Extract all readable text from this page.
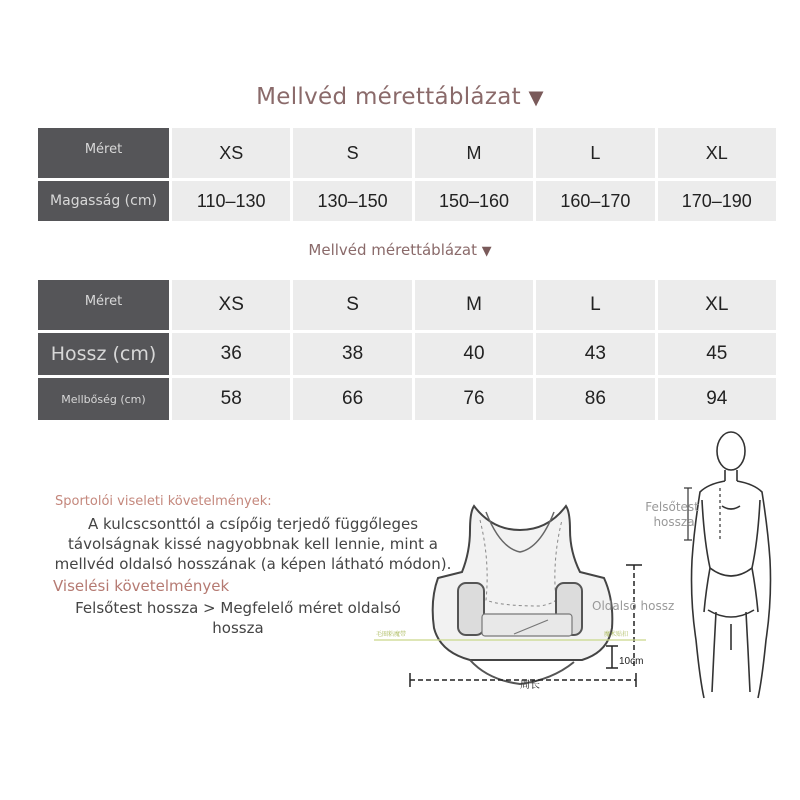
Mellvéd mérettáblázat ▼
Méret	XS	S	M	L	XL
Magasság (cm)	110–130	130–150	150–160	160–170	170–190
Mellvéd mérettáblázat ▼
Méret	XS	S	M	L	XL
Hossz (cm)	36	38	40	43	45
Mellbőség (cm)	58	66	76	86	94
Sportolói viseleti követelmények:
A kulcscsonttól a csípőig terjedő függőleges távolságnak kissé nagyobbnak kell lennie, mint a mellvéd oldalsó hosszának (a képen látható módon).
Viselési követelmények
Felsőtest hossza > Megfelelő méret oldalsó hossza
Felsőtest hossza
Oldalsó hossz
10cm
周长
毛圈粘魔带	魔术贴扣
